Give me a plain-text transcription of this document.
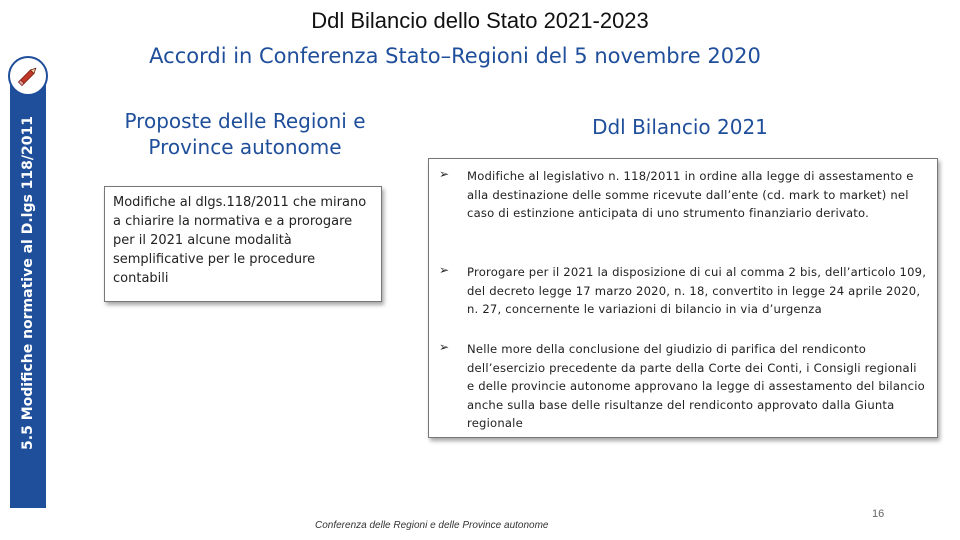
5.5 Modifiche normative al D.lgs 118/2011
Ddl Bilancio dello Stato 2021-2023
Accordi in Conferenza Stato–Regioni del 5 novembre 2020
Proposte delle Regioni e Province autonome
Modifiche al dlgs.118/2011 che mirano a chiarire la normativa e a prorogare per il 2021 alcune modalità semplificative per le procedure contabili
Ddl Bilancio 2021
➢ Modifiche al legislativo n. 118/2011 in ordine alla legge di assestamento e alla destinazione delle somme ricevute dall’ente (cd. mark to market) nel caso di estinzione anticipata di uno strumento finanziario derivato.
➢ Prorogare per il 2021 la disposizione di cui al comma 2 bis, dell’articolo 109, del decreto legge 17 marzo 2020, n. 18, convertito in legge 24 aprile 2020, n. 27, concernente le variazioni di bilancio in via d’urgenza
➢ Nelle more della conclusione del giudizio di parifica del rendiconto dell’esercizio precedente da parte della Corte dei Conti, i Consigli regionali e delle provincie autonome approvano la legge di assestamento del bilancio anche sulla base delle risultanze del rendiconto approvato dalla Giunta regionale
Conferenza delle Regioni e delle Province autonome
16
